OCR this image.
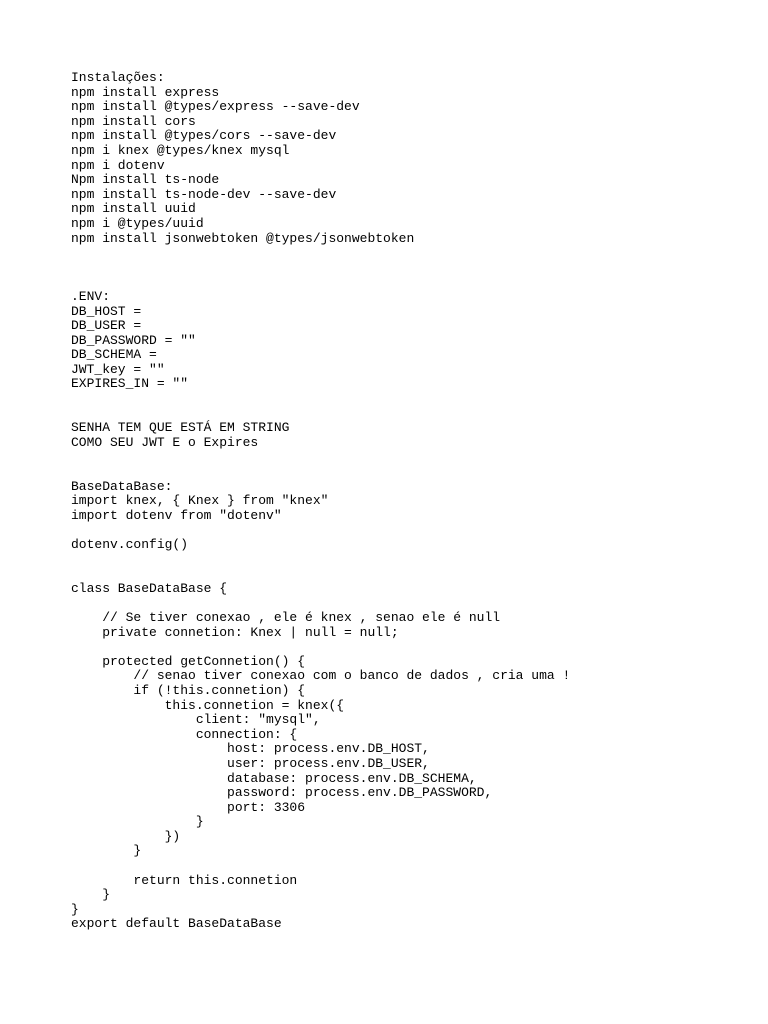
Instalações:
npm install express
npm install @types/express --save-dev
npm install cors
npm install @types/cors --save-dev
npm i knex @types/knex mysql
npm i dotenv
Npm install ts-node
npm install ts-node-dev --save-dev
npm install uuid
npm i @types/uuid
npm install jsonwebtoken @types/jsonwebtoken
.ENV:
DB_HOST =
DB_USER =
DB_PASSWORD = ""
DB_SCHEMA =
JWT_key = ""
EXPIRES_IN = ""
SENHA TEM QUE ESTÁ EM STRING
COMO SEU JWT E o Expires
BaseDataBase:
import knex, { Knex } from "knex"
import dotenv from "dotenv"
dotenv.config()
class BaseDataBase {
// Se tiver conexao , ele é knex , senao ele é null
private connetion: Knex | null = null;
protected getConnetion() {
// senao tiver conexao com o banco de dados , cria uma !
if (!this.connetion) {
this.connetion = knex({
client: "mysql",
connection: {
host: process.env.DB_HOST,
user: process.env.DB_USER,
database: process.env.DB_SCHEMA,
password: process.env.DB_PASSWORD,
port: 3306
}
})
}
return this.connetion
}
}
export default BaseDataBase
